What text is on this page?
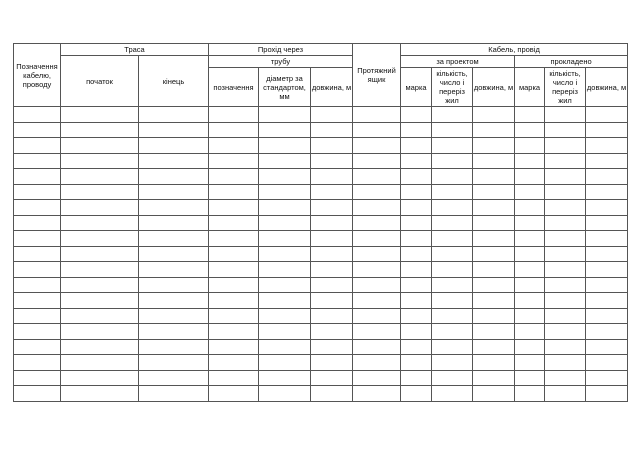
Позначення кабелю, проводу	Траса		Прохід через			Протяжний ящик	Кабель, провід					
	початок	кінець	трубу				за проектом			прокладено		
			позначення	діаметр за стандартом, мм	довжина, м		марка	кількість, число і переріз жил	довжина, м	марка	кількість, число і переріз жил	довжина, м
